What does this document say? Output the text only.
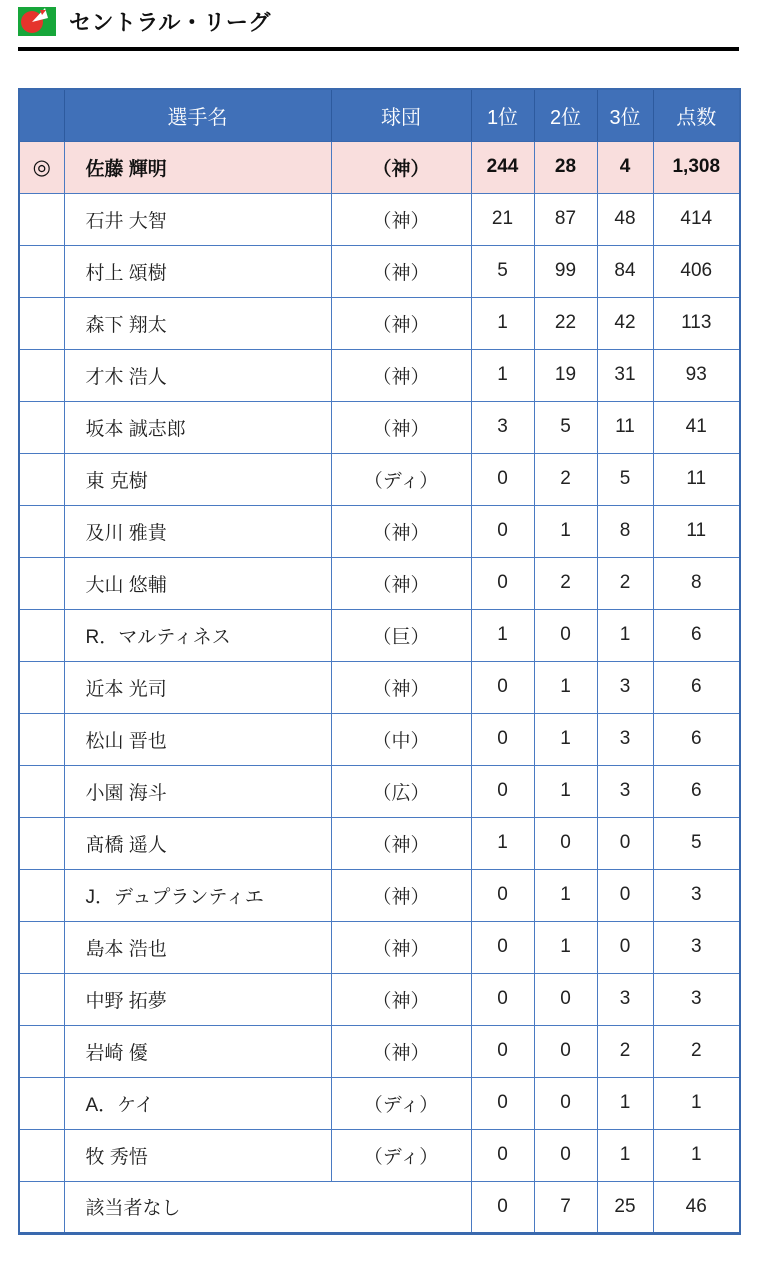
セントラル・リーグ
	選手名	球団	1位	2位	3位	点数
◎	佐藤 輝明	（神）	244	28	4	1,308
	石井 大智	（神）	21	87	48	414
	村上 頌樹	（神）	5	99	84	406
	森下 翔太	（神）	1	22	42	113
	才木 浩人	（神）	1	19	31	93
	坂本 誠志郎	（神）	3	5	11	41
	東 克樹	（ディ）	0	2	5	11
	及川 雅貴	（神）	0	1	8	11
	大山 悠輔	（神）	0	2	2	8
	R．マルティネス	（巨）	1	0	1	6
	近本 光司	（神）	0	1	3	6
	松山 晋也	（中）	0	1	3	6
	小園 海斗	（広）	0	1	3	6
	髙橋 遥人	（神）	1	0	0	5
	J．デュプランティエ	（神）	0	1	0	3
	島本 浩也	（神）	0	1	0	3
	中野 拓夢	（神）	0	0	3	3
	岩崎 優	（神）	0	0	2	2
	A．ケイ	（ディ）	0	0	1	1
	牧 秀悟	（ディ）	0	0	1	1
	該当者なし		0	7	25	46
